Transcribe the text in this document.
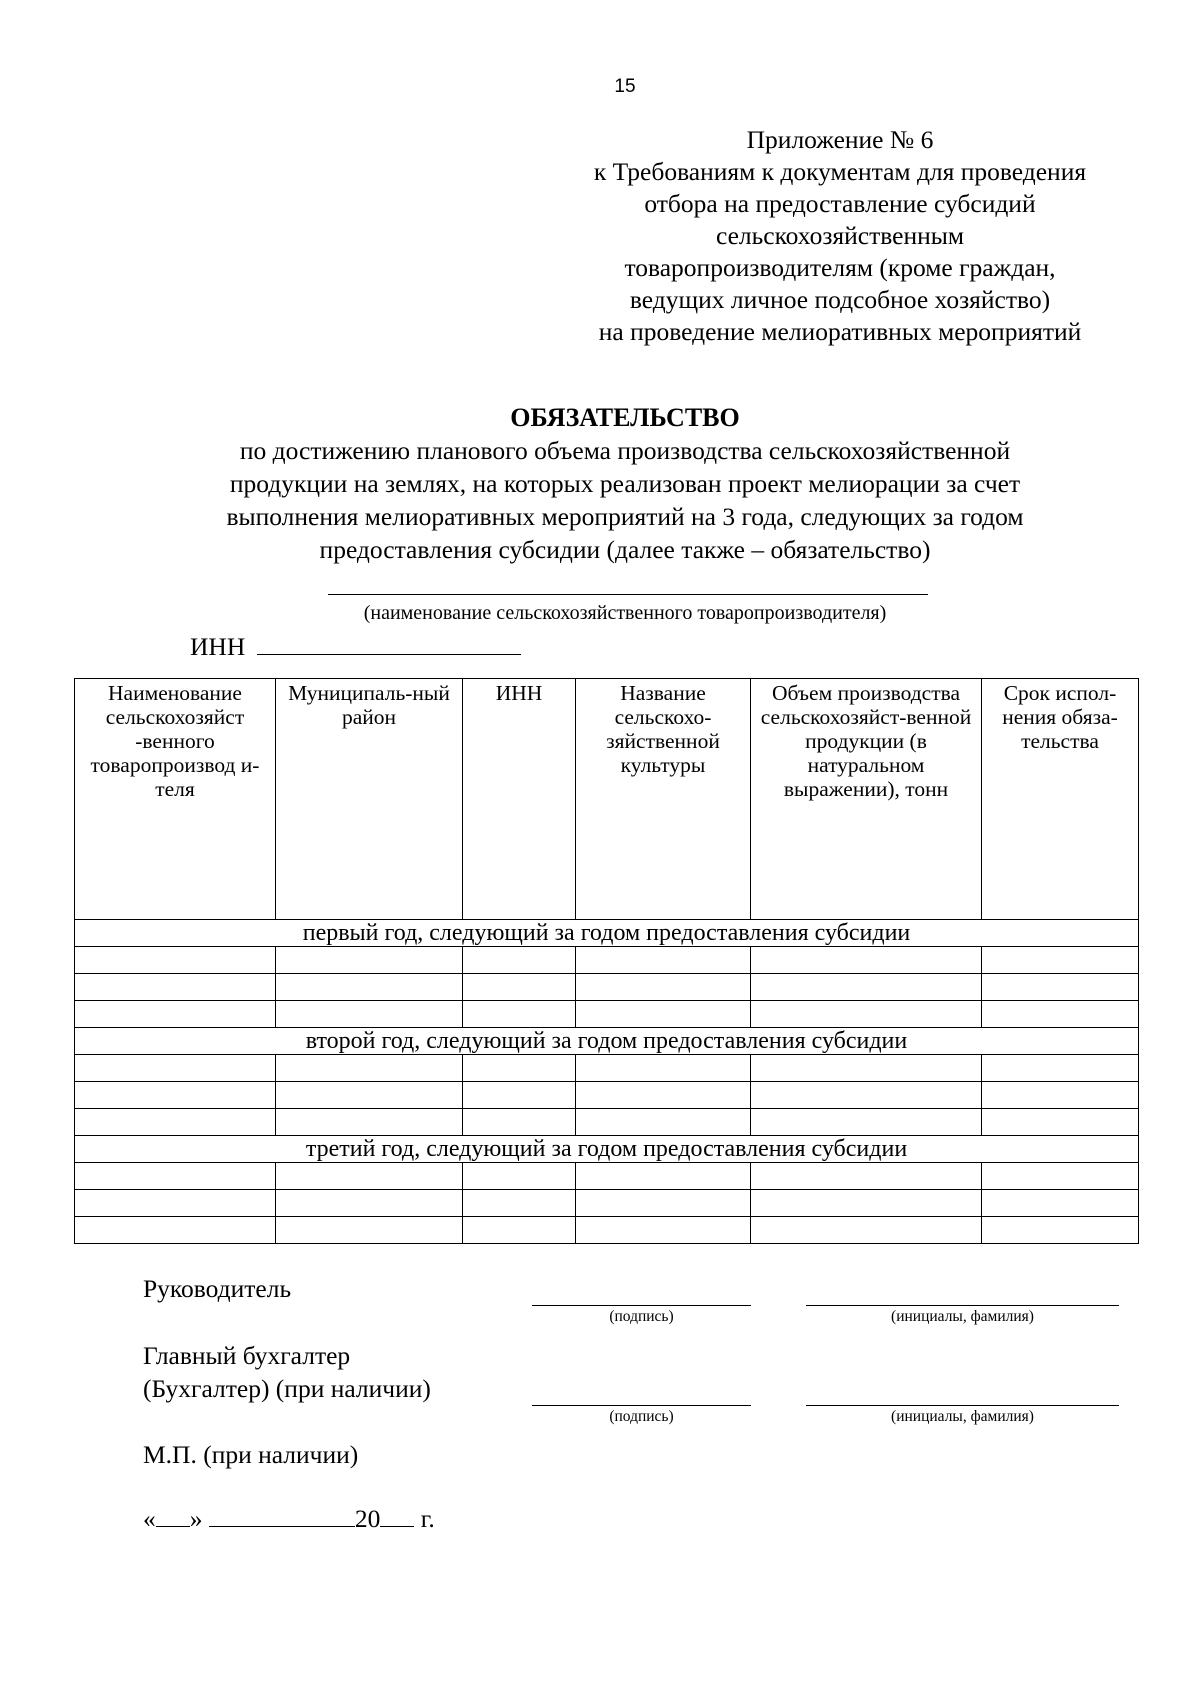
15
Приложение № 6
к Требованиям к документам для проведения
отбора на предоставление субсидий
сельскохозяйственным
товаропроизводителям (кроме граждан,
ведущих личное подсобное хозяйство)
на проведение мелиоративных мероприятий
ОБЯЗАТЕЛЬСТВО
по достижению планового объема производства сельскохозяйственной
продукции на землях, на которых реализован проект мелиорации за счет
выполнения мелиоративных мероприятий на 3 года, следующих за годом
предоставления субсидии (далее также – обязательство)
(наименование сельскохозяйственного товаропроизводителя)
ИНН
Наименование сельскохозяйст -венного товаропроизвод и-теля	Муниципаль-ный район	ИНН	Название сельскохо-зяйственной культуры	Объем производства сельскохозяйст-венной продукции (в натуральном выражении), тонн	Срок испол-нения обяза-тельства
первый год, следующий за годом предоставления субсидии					

второй год, следующий за годом предоставления субсидии					

третий год, следующий за годом предоставления субсидии					

Руководитель
(подпись)	(инициалы, фамилия)
Главный бухгалтер
(Бухгалтер) (при наличии)
(подпись)	(инициалы, фамилия)
М.П. (при наличии)
« »	20 г.
